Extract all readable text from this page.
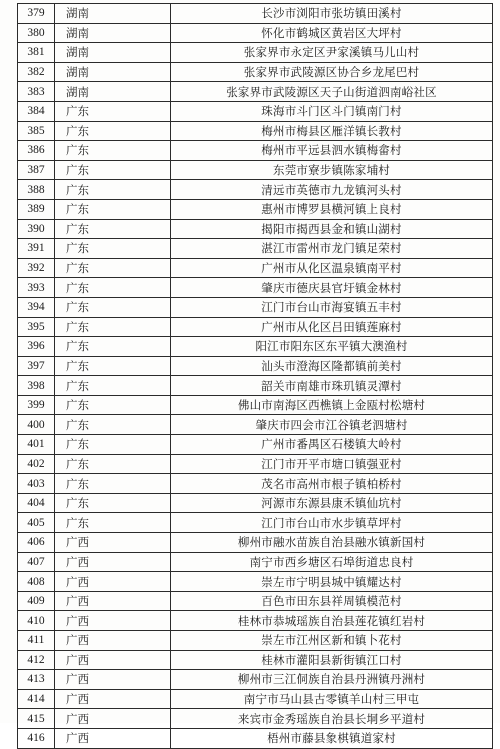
379	湖南	长沙市浏阳市张坊镇田溪村
380	湖南	怀化市鹤城区黄岩区大坪村
381	湖南	张家界市永定区尹家溪镇马儿山村
382	湖南	张家界市武陵源区协合乡龙尾巴村
383	湖南	张家界市武陵源区天子山街道泗南峪社区
384	广东	珠海市斗门区斗门镇南门村
385	广东	梅州市梅县区雁洋镇长教村
386	广东	梅州市平远县泗水镇梅畲村
387	广东	东莞市寮步镇陈家埔村
388	广东	清远市英德市九龙镇河头村
389	广东	惠州市博罗县横河镇上良村
390	广东	揭阳市揭西县金和镇山湖村
391	广东	湛江市雷州市龙门镇足荣村
392	广东	广州市从化区温泉镇南平村
393	广东	肇庆市德庆县官圩镇金林村
394	广东	江门市台山市海宴镇五丰村
395	广东	广州市从化区吕田镇莲麻村
396	广东	阳江市阳东区东平镇大澳渔村
397	广东	汕头市澄海区隆都镇前美村
398	广东	韶关市南雄市珠玑镇灵潭村
399	广东	佛山市南海区西樵镇上金瓯村松塘村
400	广东	肇庆市四会市江谷镇老泗塘村
401	广东	广州市番禺区石楼镇大岭村
402	广东	江门市开平市塘口镇强亚村
403	广东	茂名市高州市根子镇柏桥村
404	广东	河源市东源县康禾镇仙坑村
405	广东	江门市台山市水步镇草坪村
406	广西	柳州市融水苗族自治县融水镇新国村
407	广西	南宁市西乡塘区石埠街道忠良村
408	广西	崇左市宁明县城中镇耀达村
409	广西	百色市田东县祥周镇模范村
410	广西	桂林市恭城瑶族自治县莲花镇红岩村
411	广西	崇左市江州区新和镇卜花村
412	广西	桂林市灌阳县新街镇江口村
413	广西	柳州市三江侗族自治县丹洲镇丹洲村
414	广西	南宁市马山县古零镇羊山村三甲屯
415	广西	来宾市金秀瑶族自治县长垌乡平道村
416	广西	梧州市藤县象棋镇道家村
